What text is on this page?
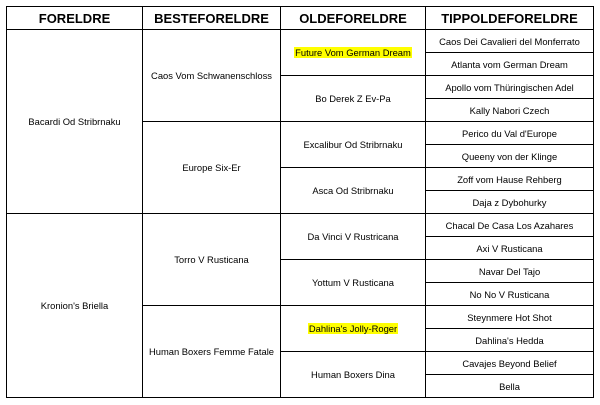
FORELDRE	BESTEFORELDRE	OLDEFORELDRE	TIPPOLDEFORELDRE
Bacardi Od Stribrnaku	Caos Vom Schwanenschloss	Future Vom German Dream	Caos Dei Cavalieri del Monferrato
			Atlanta vom German Dream
		Bo Derek Z Ev-Pa	Apollo vom Thüringischen Adel
			Kally Nabori Czech
	Europe Six-Er	Excalibur Od Stribrnaku	Perico du Val d'Europe
			Queeny von der Klinge
		Asca Od Stribrnaku	Zoff vom Hause Rehberg
			Daja z Dybohurky
Kronion's Briella	Torro V Rusticana	Da Vinci V Rustricana	Chacal De Casa Los Azahares
			Axi V Rusticana
		Yottum V Rusticana	Navar Del Tajo
			No No V Rusticana
	Human Boxers Femme Fatale	Dahlina's Jolly-Roger	Steynmere Hot Shot
			Dahlina's Hedda
		Human Boxers Dina	Cavajes Beyond Belief
			Bella
